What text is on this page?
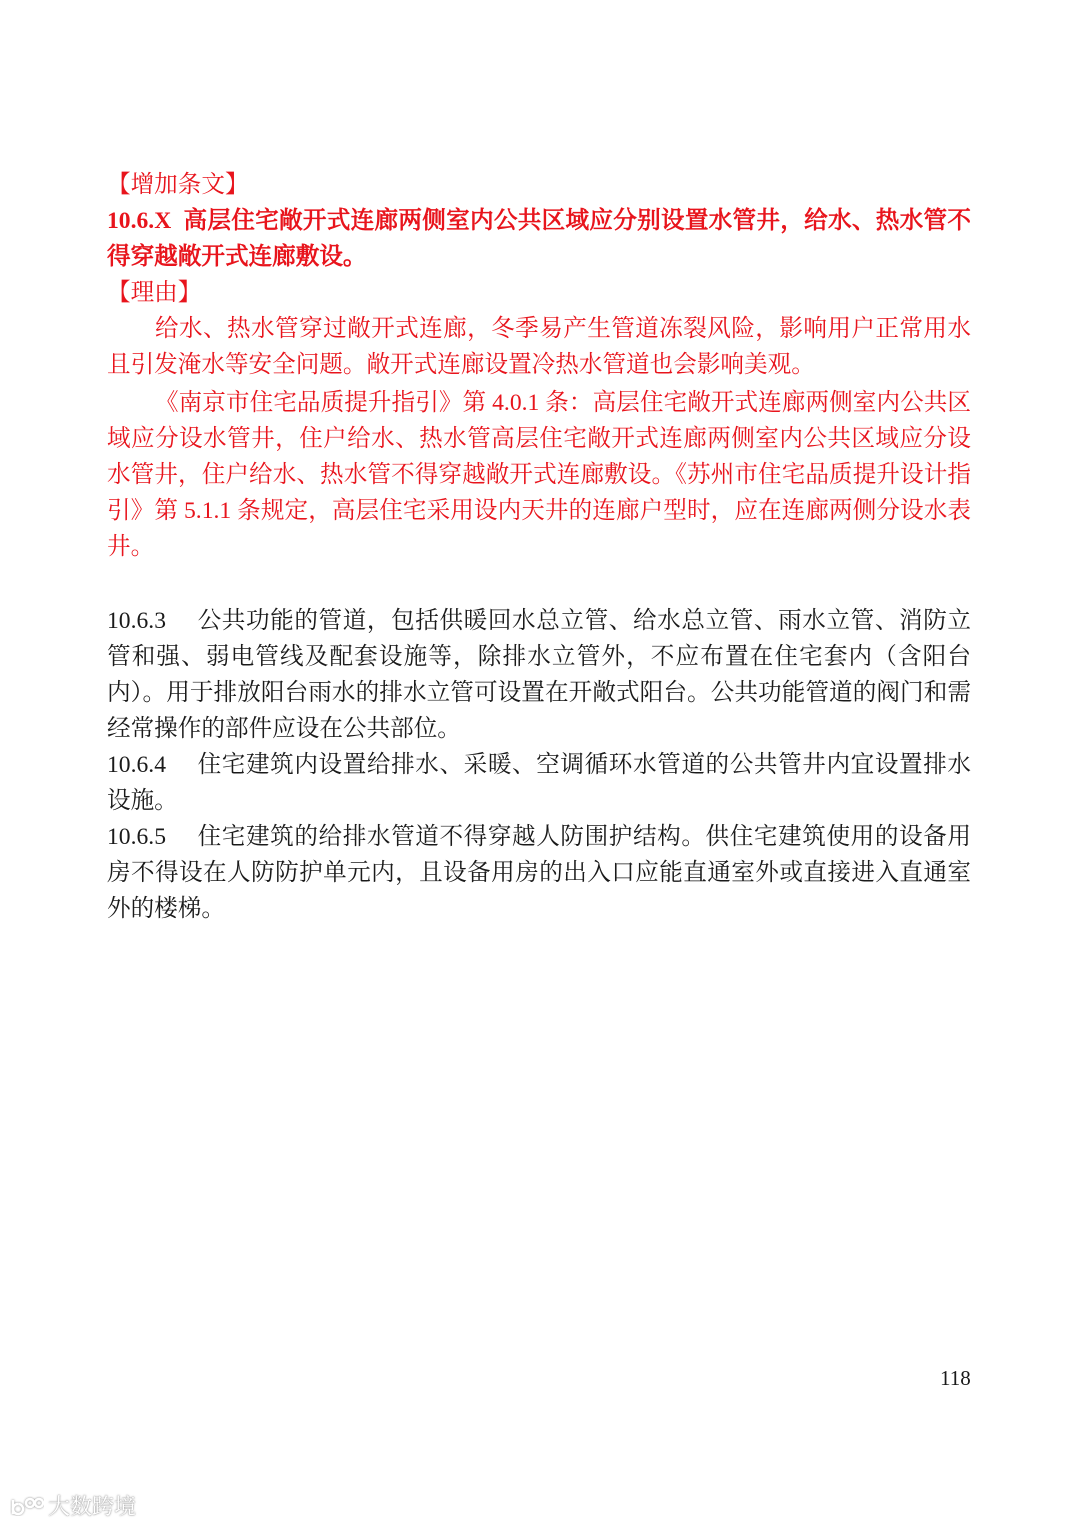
【增加条文】

10.6.X 高层住宅敞开式连廊两侧室内公共区域应分别设置水管井，给水、热水管不得穿越敞开式连廊敷设。

【理由】

给水、热水管穿过敞开式连廊，冬季易产生管道冻裂风险，影响用户正常用水且引发淹水等安全问题。敞开式连廊设置冷热水管道也会影响美观。

《南京市住宅品质提升指引》第 4.0.1 条：高层住宅敞开式连廊两侧室内公共区域应分设水管井，住户给水、热水管高层住宅敞开式连廊两侧室内公共区域应分设水管井，住户给水、热水管不得穿越敞开式连廊敷设。《苏州市住宅品质提升设计指引》第 5.1.1 条规定，高层住宅采用设内天井的连廊户型时，应在连廊两侧分设水表井。

10.6.3 公共功能的管道，包括供暖回水总立管、给水总立管、雨水立管、消防立管和强、弱电管线及配套设施等，除排水立管外，不应布置在住宅套内（含阳台内）。用于排放阳台雨水的排水立管可设置在开敞式阳台。公共功能管道的阀门和需经常操作的部件应设在公共部位。

10.6.4 住宅建筑内设置给排水、采暖、空调循环水管道的公共管井内宜设置排水设施。

10.6.5 住宅建筑的给排水管道不得穿越人防围护结构。供住宅建筑使用的设备用房不得设在人防防护单元内，且设备用房的出入口应能直通室外或直接进入直通室外的楼梯。

118
大数跨境
